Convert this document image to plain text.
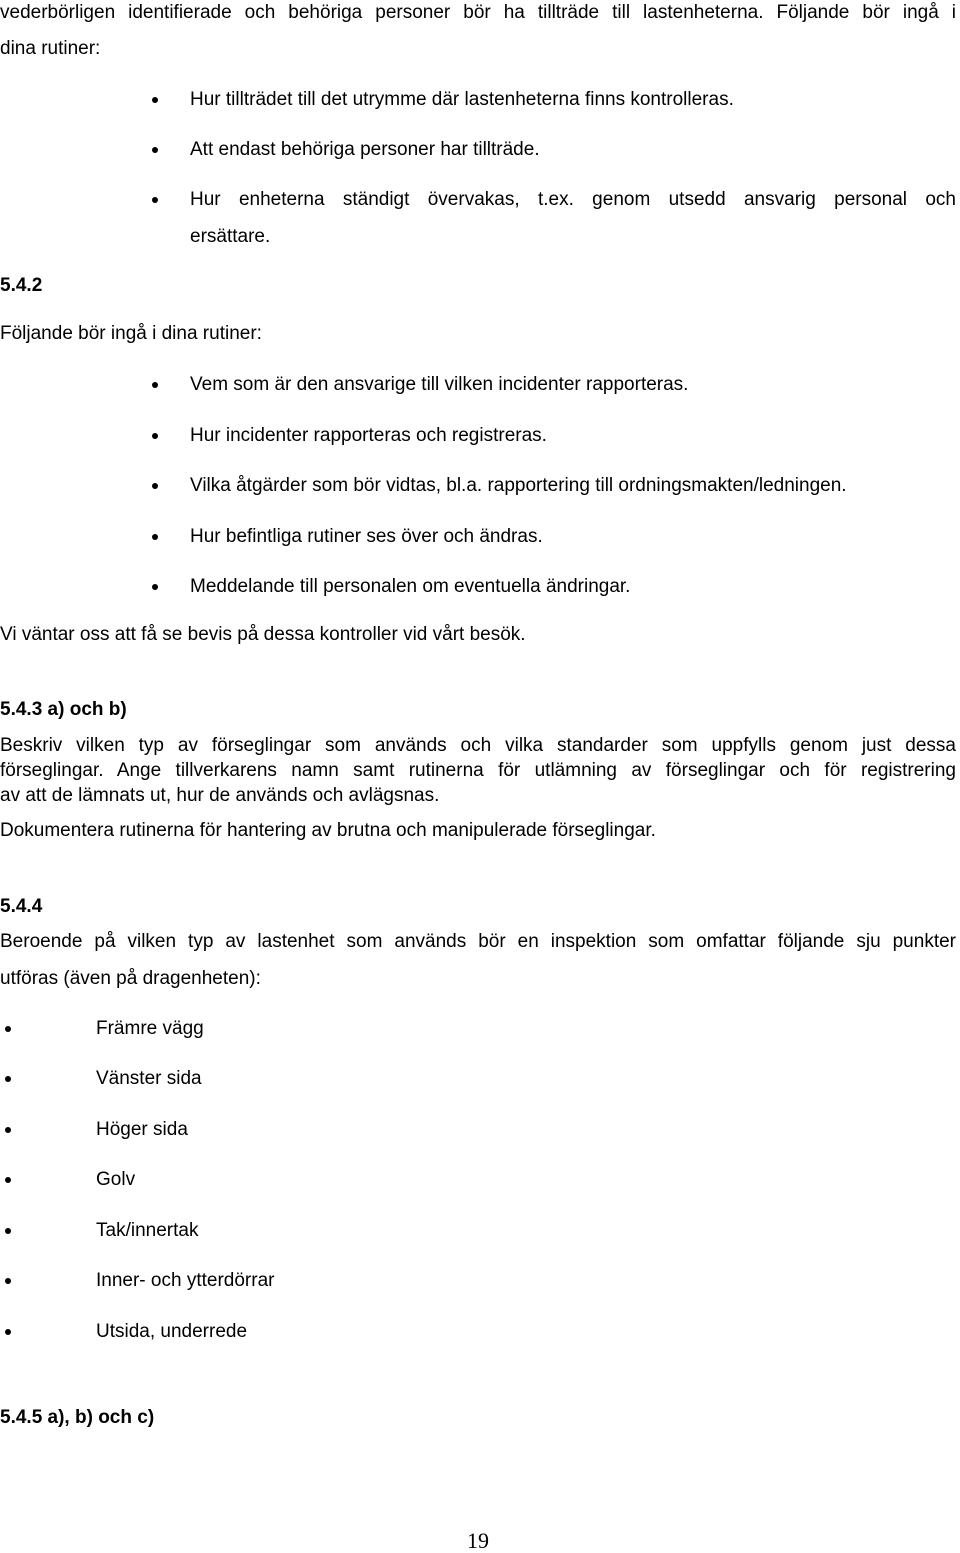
vederbörligen identifierade och behöriga personer bör ha tillträde till lastenheterna. Följande bör ingå i
dina rutiner:
Hur tillträdet till det utrymme där lastenheterna finns kontrolleras.
Att endast behöriga personer har tillträde.
Hur enheterna ständigt övervakas, t.ex. genom utsedd ansvarig personal och
ersättare.
5.4.2
Följande bör ingå i dina rutiner:
Vem som är den ansvarige till vilken incidenter rapporteras.
Hur incidenter rapporteras och registreras.
Vilka åtgärder som bör vidtas, bl.a. rapportering till ordningsmakten/ledningen.
Hur befintliga rutiner ses över och ändras.
Meddelande till personalen om eventuella ändringar.
Vi väntar oss att få se bevis på dessa kontroller vid vårt besök.
5.4.3 a) och b)
Beskriv vilken typ av förseglingar som används och vilka standarder som uppfylls genom just dessa
förseglingar. Ange tillverkarens namn samt rutinerna för utlämning av förseglingar och för registrering
av att de lämnats ut, hur de används och avlägsnas.
Dokumentera rutinerna för hantering av brutna och manipulerade förseglingar.
5.4.4
Beroende på vilken typ av lastenhet som används bör en inspektion som omfattar följande sju punkter
utföras (även på dragenheten):
Främre vägg
Vänster sida
Höger sida
Golv
Tak/innertak
Inner- och ytterdörrar
Utsida, underrede
5.4.5 a), b) och c)
19
